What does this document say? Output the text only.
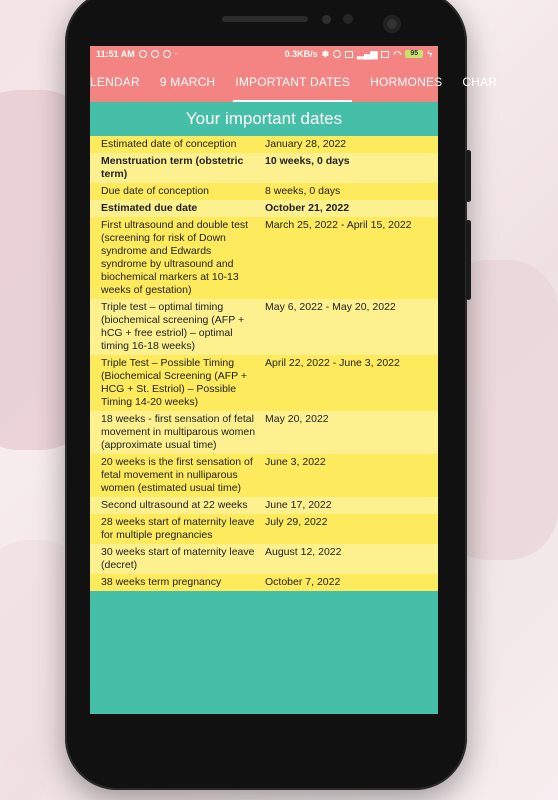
11:51 AM	·	0.3KB/s ✱	▂▄▆ ◠	95	ϟ
LENDAR	9 MARCH	IMPORTANT DATES	HORMONES	CHAR
Your important dates
Estimated date of conception	January 28, 2022
Menstruation term (obstetric term)	10 weeks, 0 days
Due date of conception	8 weeks, 0 days
Estimated due date	October 21, 2022
First ultrasound and double test (screening for risk of Down syndrome and Edwards syndrome by ultrasound and biochemical markers at 10-13 weeks of gestation)	March 25, 2022 - April 15, 2022
Triple test – optimal timing (biochemical screening (AFP + hCG + free estriol) – optimal timing 16-18 weeks)	May 6, 2022 - May 20, 2022
Triple Test – Possible Timing (Biochemical Screening (AFP + HCG + St. Estriol) – Possible Timing 14-20 weeks)	April 22, 2022 - June 3, 2022
18 weeks - first sensation of fetal movement in multiparous women (approximate usual time)	May 20, 2022
20 weeks is the first sensation of fetal movement in nulliparous women (estimated usual time)	June 3, 2022
Second ultrasound at 22 weeks	June 17, 2022
28 weeks start of maternity leave for multiple pregnancies	July 29, 2022
30 weeks start of maternity leave (decret)	August 12, 2022
38 weeks term pregnancy	October 7, 2022
